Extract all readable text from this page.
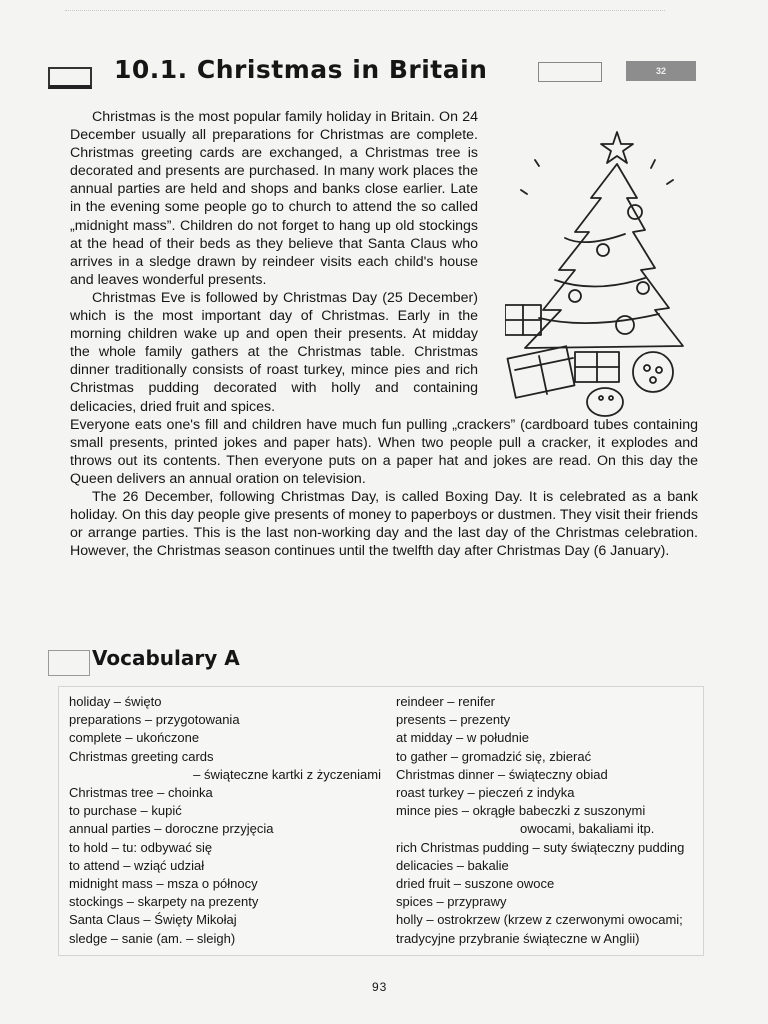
10.1. Christmas in Britain	32

Christmas is the most popular family holiday in Britain. On 24 December usually all preparations for Christmas are complete. Christmas greeting cards are exchanged, a Christmas tree is decorated and presents are purchased. In many work places the annual parties are held and shops and banks close earlier. Late in the evening some people go to church to attend the so called „midnight mass”. Children do not forget to hang up old stockings at the head of their beds as they believe that Santa Claus who arrives in a sledge drawn by reindeer visits each child's house and leaves wonderful presents.

Christmas Eve is followed by Christmas Day (25 December) which is the most important day of Christmas. Early in the morning children wake up and open their presents. At midday the whole family gathers at the Christmas table. Christmas dinner traditionally consists of roast turkey, mince pies and rich Christmas pudding decorated with holly and containing delicacies, dried fruit and spices.

Everyone eats one's fill and children have much fun pulling „crackers” (cardboard tubes containing small presents, printed jokes and paper hats). When two people pull a cracker, it explodes and throws out its contents. Then everyone puts on a paper hat and jokes are read. On this day the Queen delivers an annual oration on television.

The 26 December, following Christmas Day, is called Boxing Day. It is celebrated as a bank holiday. On this day people give presents of money to paperboys or dustmen. They visit their friends or arrange parties. This is the last non-working day and the last day of the Christmas celebration. However, the Christmas season continues until the twelfth day after Christmas Day (6 January).

Vocabulary A
holiday – święto
preparations – przygotowania
complete – ukończone
Christmas greeting cards
– świąteczne kartki z życzeniami
Christmas tree – choinka
to purchase – kupić
annual parties – doroczne przyjęcia
to hold – tu: odbywać się
to attend – wziąć udział
midnight mass – msza o północy
stockings – skarpety na prezenty
Santa Claus – Święty Mikołaj
sledge – sanie (am. – sleigh)
reindeer – renifer
presents – prezenty
at midday – w południe
to gather – gromadzić się, zbierać
Christmas dinner – świąteczny obiad
roast turkey – pieczeń z indyka
mince pies – okrągłe babeczki z suszonymi
owocami, bakaliami itp.
rich Christmas pudding – suty świąteczny pudding
delicacies – bakalie
dried fruit – suszone owoce
spices – przyprawy
holly – ostrokrzew (krzew z czerwonymi owocami;
tradycyjne przybranie świąteczne w Anglii)
93
